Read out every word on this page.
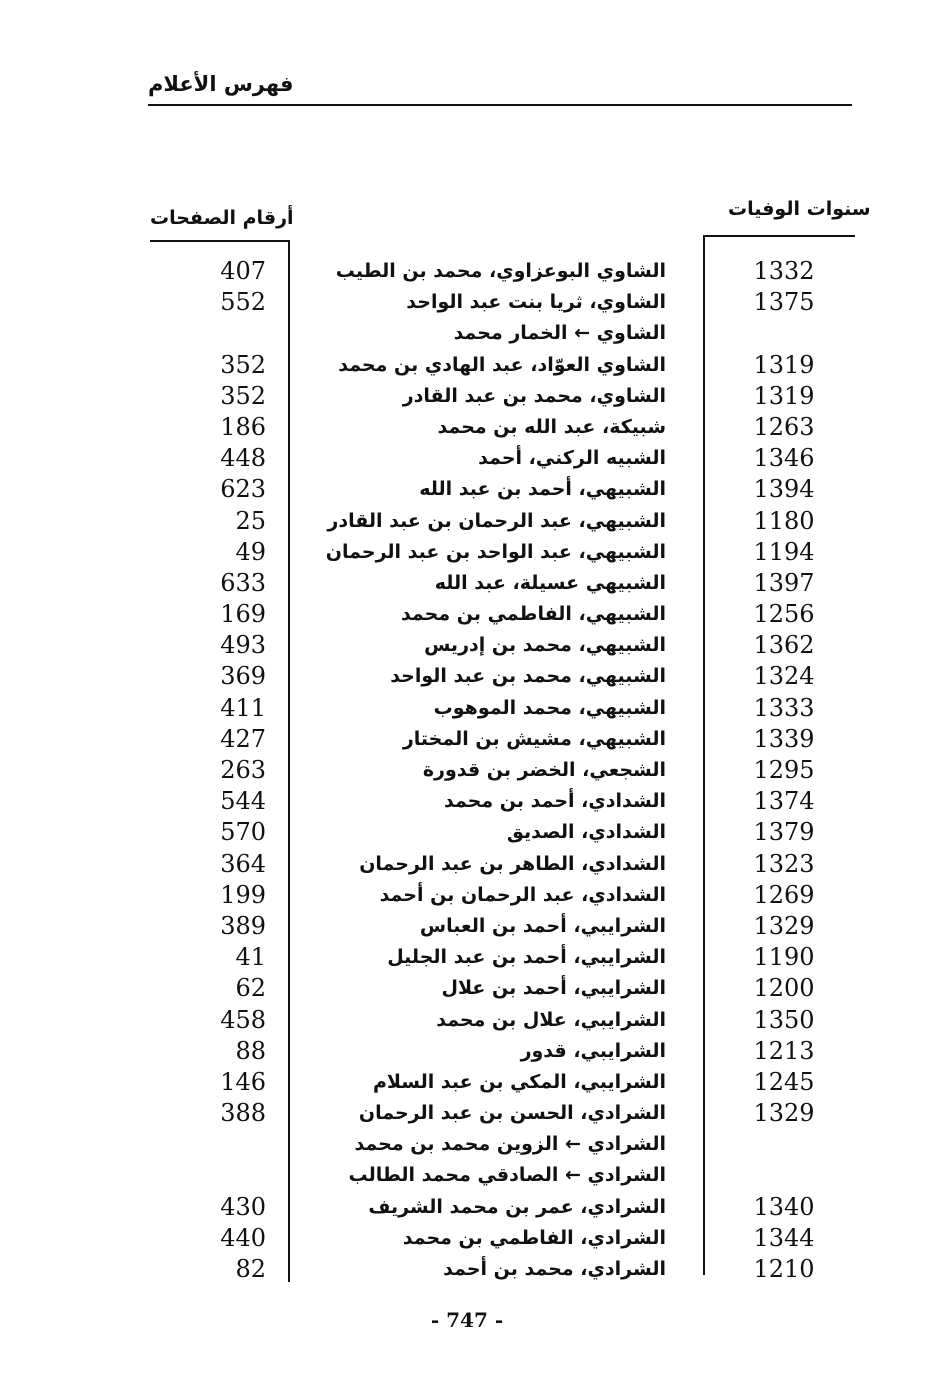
فهرس الأعلام
سنوات الوفيات
أرقام الصفحات
1332
الشاوي البوعزاوي، محمد بن الطيب
407
1375
الشاوي، ثريا بنت عبد الواحد
552
الشاوي ← الخمار محمد
1319
الشاوي العوّاد، عبد الهادي بن محمد
352
1319
الشاوي، محمد بن عبد القادر
352
1263
شبيكة، عبد الله بن محمد
186
1346
الشبيه الركني، أحمد
448
1394
الشبيهي، أحمد بن عبد الله
623
1180
الشبيهي، عبد الرحمان بن عبد القادر
25
1194
الشبيهي، عبد الواحد بن عبد الرحمان
49
1397
الشبيهي عسيلة، عبد الله
633
1256
الشبيهي، الفاطمي بن محمد
169
1362
الشبيهي، محمد بن إدريس
493
1324
الشبيهي، محمد بن عبد الواحد
369
1333
الشبيهي، محمد الموهوب
411
1339
الشبيهي، مشيش بن المختار
427
1295
الشجعي، الخضر بن قدورة
263
1374
الشدادي، أحمد بن محمد
544
1379
الشدادي، الصديق
570
1323
الشدادي، الطاهر بن عبد الرحمان
364
1269
الشدادي، عبد الرحمان بن أحمد
199
1329
الشرايبي، أحمد بن العباس
389
1190
الشرايبي، أحمد بن عبد الجليل
41
1200
الشرايبي، أحمد بن علال
62
1350
الشرايبي، علال بن محمد
458
1213
الشرايبي، قدور
88
1245
الشرايبي، المكي بن عبد السلام
146
1329
الشرادي، الحسن بن عبد الرحمان
388
الشرادي ← الزوين محمد بن محمد
الشرادي ← الصادقي محمد الطالب
1340
الشرادي، عمر بن محمد الشريف
430
1344
الشرادي، الفاطمي بن محمد
440
1210
الشرادي، محمد بن أحمد
82
- 747 -
